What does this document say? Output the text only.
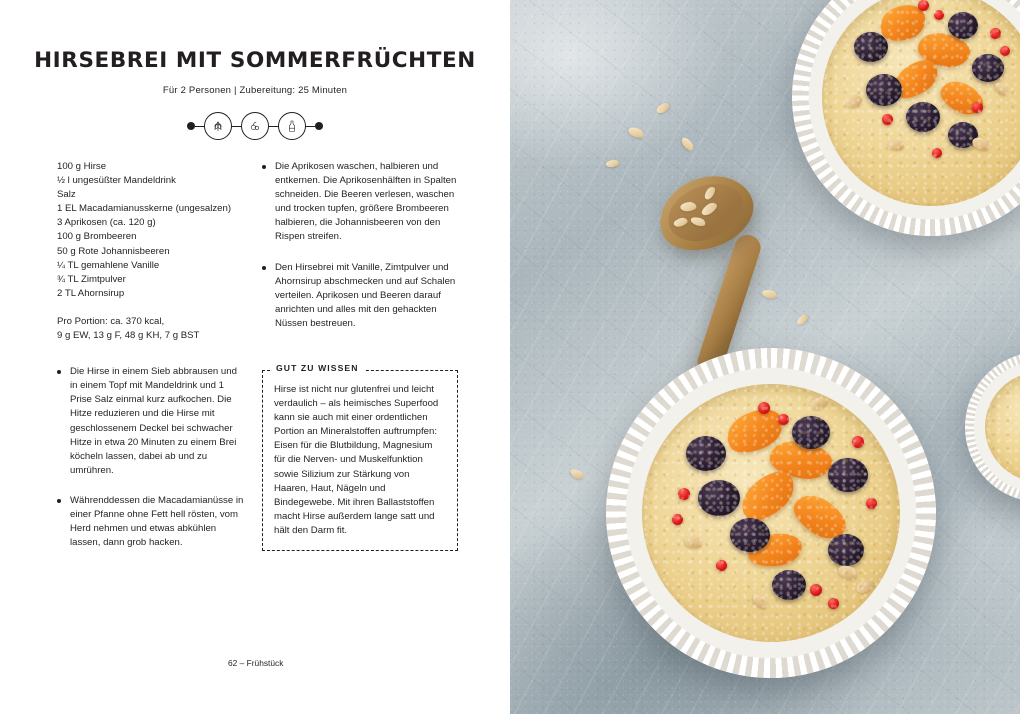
HIRSEBREI MIT SOMMERFRÜCHTEN
Für 2 Personen | Zubereitung: 25 Minuten
100 g Hirse
½ l ungesüßter Mandeldrink
Salz
1 EL Macadamianusskerne (ungesalzen)
3 Aprikosen (ca. 120 g)
100 g Brombeeren
50 g Rote Johannisbeeren
¼ TL gemahlene Vanille
¾ TL Zimtpulver
2 TL Ahornsirup
Pro Portion: ca. 370 kcal,
9 g EW, 13 g F, 48 g KH, 7 g BST
Die Hirse in einem Sieb abbrausen und in einem Topf mit Mandeldrink und 1 Prise Salz einmal kurz aufkochen. Die Hitze reduzieren und die Hirse mit geschlossenem Deckel bei schwacher Hitze in etwa 20 Minuten zu einem Brei köcheln lassen, dabei ab und zu umrühren.
Währenddessen die Macadamianüsse in einer Pfanne ohne Fett hell rösten, vom Herd nehmen und etwas abkühlen lassen, dann grob hacken.
Die Aprikosen waschen, halbieren und entkernen. Die Aprikosenhälften in Spalten schneiden. Die Beeren verlesen, waschen und trocken tupfen, größere Brombeeren halbieren, die Johannisbeeren von den Rispen streifen.
Den Hirsebrei mit Vanille, Zimtpulver und Ahornsirup abschmecken und auf Schalen verteilen. Aprikosen und Beeren darauf anrichten und alles mit den gehackten Nüssen bestreuen.
Hirse ist nicht nur glutenfrei und leicht verdaulich – als heimisches Superfood kann sie auch mit einer ordentlichen Portion an Mineralstoffen auftrumpfen: Eisen für die Blutbildung, Magnesium für die Nerven- und Muskelfunktion sowie Silizium zur Stärkung von Haaren, Haut, Nägeln und Bindegewebe. Mit ihren Ballaststoffen macht Hirse außerdem lange satt und hält den Darm fit.
GUT ZU WISSEN
62 – Frühstück
